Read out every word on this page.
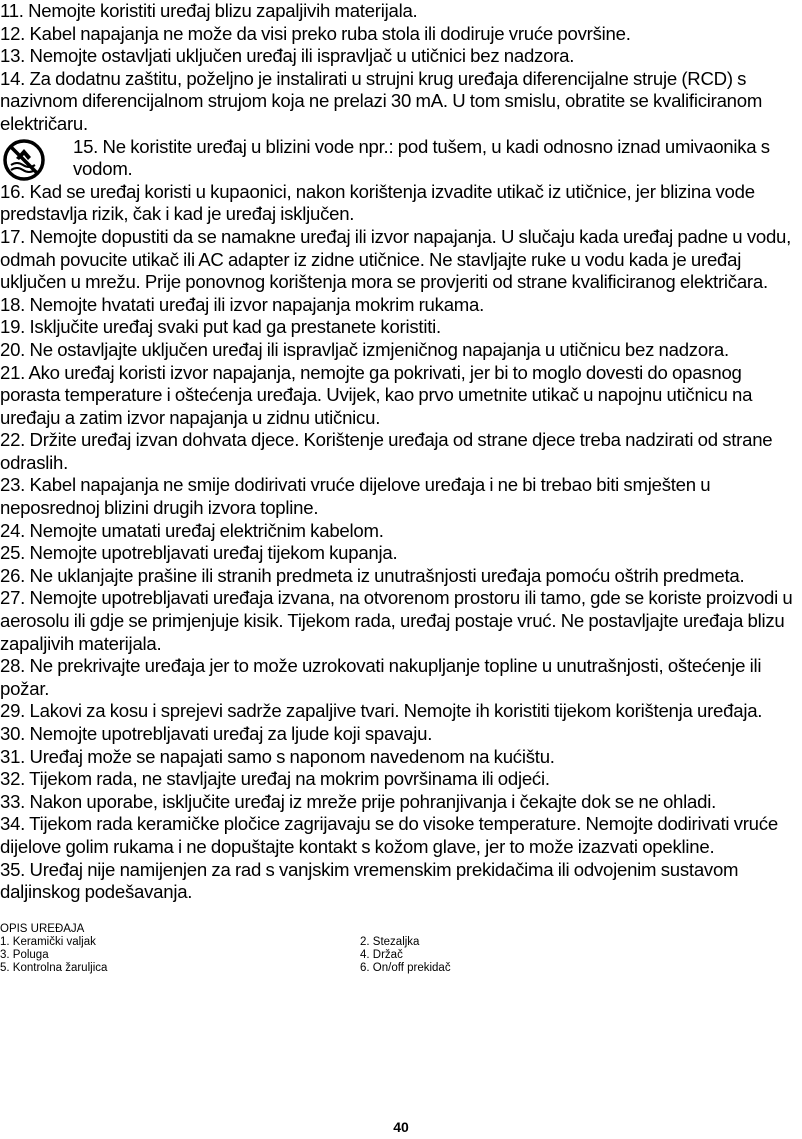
11. Nemojte koristiti uređaj blizu zapaljivih materijala.

12. Kabel napajanja ne može da visi preko ruba stola ili dodiruje vruće površine.

13. Nemojte ostavljati uključen uređaj ili ispravljač u utičnici bez nadzora.

14. Za dodatnu zaštitu, poželjno je instalirati u strujni krug uređaja diferencijalne struje (RCD) s nazivnom diferencijalnom strujom koja ne prelazi 30 mA. U tom smislu, obratite se kvalificiranom električaru.

15. Ne koristite uređaj u blizini vode npr.: pod tušem, u kadi odnosno iznad umivaonika s vodom.

16. Kad se uređaj koristi u kupaonici, nakon korištenja izvadite utikač iz utičnice, jer blizina vode predstavlja rizik, čak i kad je uređaj isključen.

17. Nemojte dopustiti da se namakne uređaj ili izvor napajanja. U slučaju kada uređaj padne u vodu, odmah povucite utikač ili AC adapter iz zidne utičnice. Ne stavljajte ruke u vodu kada je uređaj uključen u mrežu. Prije ponovnog korištenja mora se provjeriti od strane kvalificiranog električara.

18. Nemojte hvatati uređaj ili izvor napajanja mokrim rukama.

19. Isključite uređaj svaki put kad ga prestanete koristiti.

20. Ne ostavljajte uključen uređaj ili ispravljač izmjeničnog napajanja u utičnicu bez nadzora.

21. Ako uređaj koristi izvor napajanja, nemojte ga pokrivati, jer bi to moglo dovesti do opasnog porasta temperature i oštećenja uređaja. Uvijek, kao prvo umetnite utikač u napojnu utičnicu na uređaju a zatim izvor napajanja u zidnu utičnicu.

22. Držite uređaj izvan dohvata djece. Korištenje uređaja od strane djece treba nadzirati od strane odraslih.

23. Kabel napajanja ne smije dodirivati vruće dijelove uređaja i ne bi trebao biti smješten u neposrednoj blizini drugih izvora topline.

24. Nemojte umatati uređaj električnim kabelom.

25. Nemojte upotrebljavati uređaj tijekom kupanja.

26. Ne uklanjajte prašine ili stranih predmeta iz unutrašnjosti uređaja pomoću oštrih predmeta.

27. Nemojte upotrebljavati uređaja izvana, na otvorenom prostoru ili tamo, gde se koriste proizvodi u aerosolu ili gdje se primjenjuje kisik. Tijekom rada, uređaj postaje vruć. Ne postavljajte uređaja blizu zapaljivih materijala.

28. Ne prekrivajte uređaja jer to može uzrokovati nakupljanje topline u unutrašnjosti, oštećenje ili požar.

29. Lakovi za kosu i sprejevi sadrže zapaljive tvari. Nemojte ih koristiti tijekom korištenja uređaja.

30. Nemojte upotrebljavati uređaj za ljude koji spavaju.

31. Uređaj može se napajati samo s naponom navedenom na kućištu.

32. Tijekom rada, ne stavljajte uređaj na mokrim površinama ili odjeći.

33. Nakon uporabe, isključite uređaj iz mreže prije pohranjivanja i čekajte dok se ne ohladi.

34. Tijekom rada keramičke pločice zagrijavaju se do visoke temperature. Nemojte dodirivati vruće dijelove golim rukama i ne dopuštajte kontakt s kožom glave, jer to može izazvati opekline.

35. Uređaj nije namijenjen za rad s vanjskim vremenskim prekidačima ili odvojenim sustavom daljinskog podešavanja.

OPIS UREĐAJA
1. Keramički valjak	2. Stezaljka
3. Poluga	4. Držač
5. Kontrolna žaruljica	6. On/off prekidač
40
